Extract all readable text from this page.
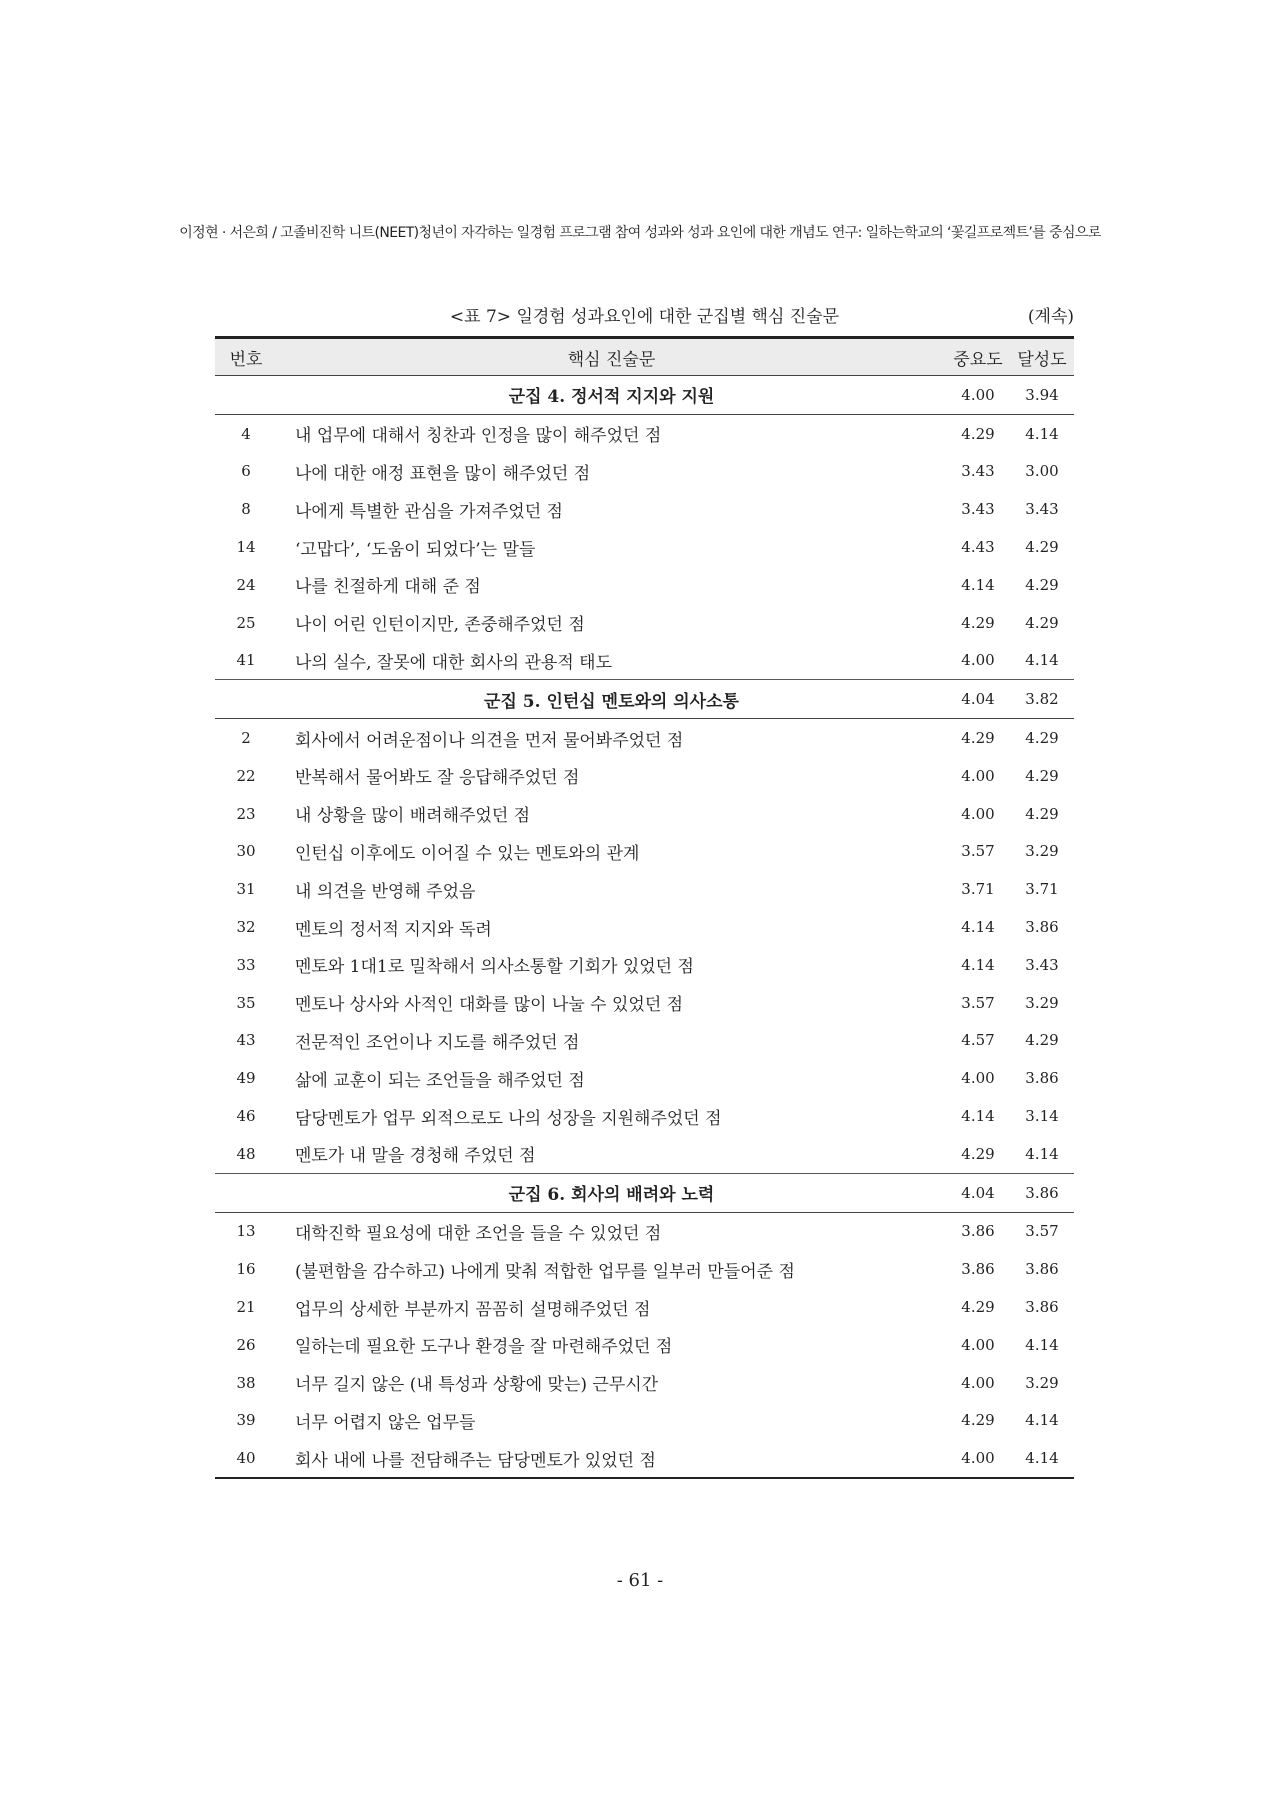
이정현 · 서은희 / 고졸비진학 니트(NEET)청년이 자각하는 일경험 프로그램 참여 성과와 성과 요인에 대한 개념도 연구: 일하는학교의 ‘꽃길프로젝트’를 중심으로
<표 7> 일경험 성과요인에 대한 군집별 핵심 진술문	(계속)
번호	핵심 진술문	중요도	달성도
	군집 4. 정서적 지지와 지원	4.00	3.94
4	내 업무에 대해서 칭찬과 인정을 많이 해주었던 점	4.29	4.14
6	나에 대한 애정 표현을 많이 해주었던 점	3.43	3.00
8	나에게 특별한 관심을 가져주었던 점	3.43	3.43
14	‘고맙다’, ‘도움이 되었다’는 말들	4.43	4.29
24	나를 친절하게 대해 준 점	4.14	4.29
25	나이 어린 인턴이지만, 존중해주었던 점	4.29	4.29
41	나의 실수, 잘못에 대한 회사의 관용적 태도	4.00	4.14
	군집 5. 인턴십 멘토와의 의사소통	4.04	3.82
2	회사에서 어려운점이나 의견을 먼저 물어봐주었던 점	4.29	4.29
22	반복해서 물어봐도 잘 응답해주었던 점	4.00	4.29
23	내 상황을 많이 배려해주었던 점	4.00	4.29
30	인턴십 이후에도 이어질 수 있는 멘토와의 관계	3.57	3.29
31	내 의견을 반영해 주었음	3.71	3.71
32	멘토의 정서적 지지와 독려	4.14	3.86
33	멘토와 1대1로 밀착해서 의사소통할 기회가 있었던 점	4.14	3.43
35	멘토나 상사와 사적인 대화를 많이 나눌 수 있었던 점	3.57	3.29
43	전문적인 조언이나 지도를 해주었던 점	4.57	4.29
49	삶에 교훈이 되는 조언들을 해주었던 점	4.00	3.86
46	담당멘토가 업무 외적으로도 나의 성장을 지원해주었던 점	4.14	3.14
48	멘토가 내 말을 경청해 주었던 점	4.29	4.14
	군집 6. 회사의 배려와 노력	4.04	3.86
13	대학진학 필요성에 대한 조언을 들을 수 있었던 점	3.86	3.57
16	(불편함을 감수하고) 나에게 맞춰 적합한 업무를 일부러 만들어준 점	3.86	3.86
21	업무의 상세한 부분까지 꼼꼼히 설명해주었던 점	4.29	3.86
26	일하는데 필요한 도구나 환경을 잘 마련해주었던 점	4.00	4.14
38	너무 길지 않은 (내 특성과 상황에 맞는) 근무시간	4.00	3.29
39	너무 어렵지 않은 업무들	4.29	4.14
40	회사 내에 나를 전담해주는 담당멘토가 있었던 점	4.00	4.14
- 61 -
